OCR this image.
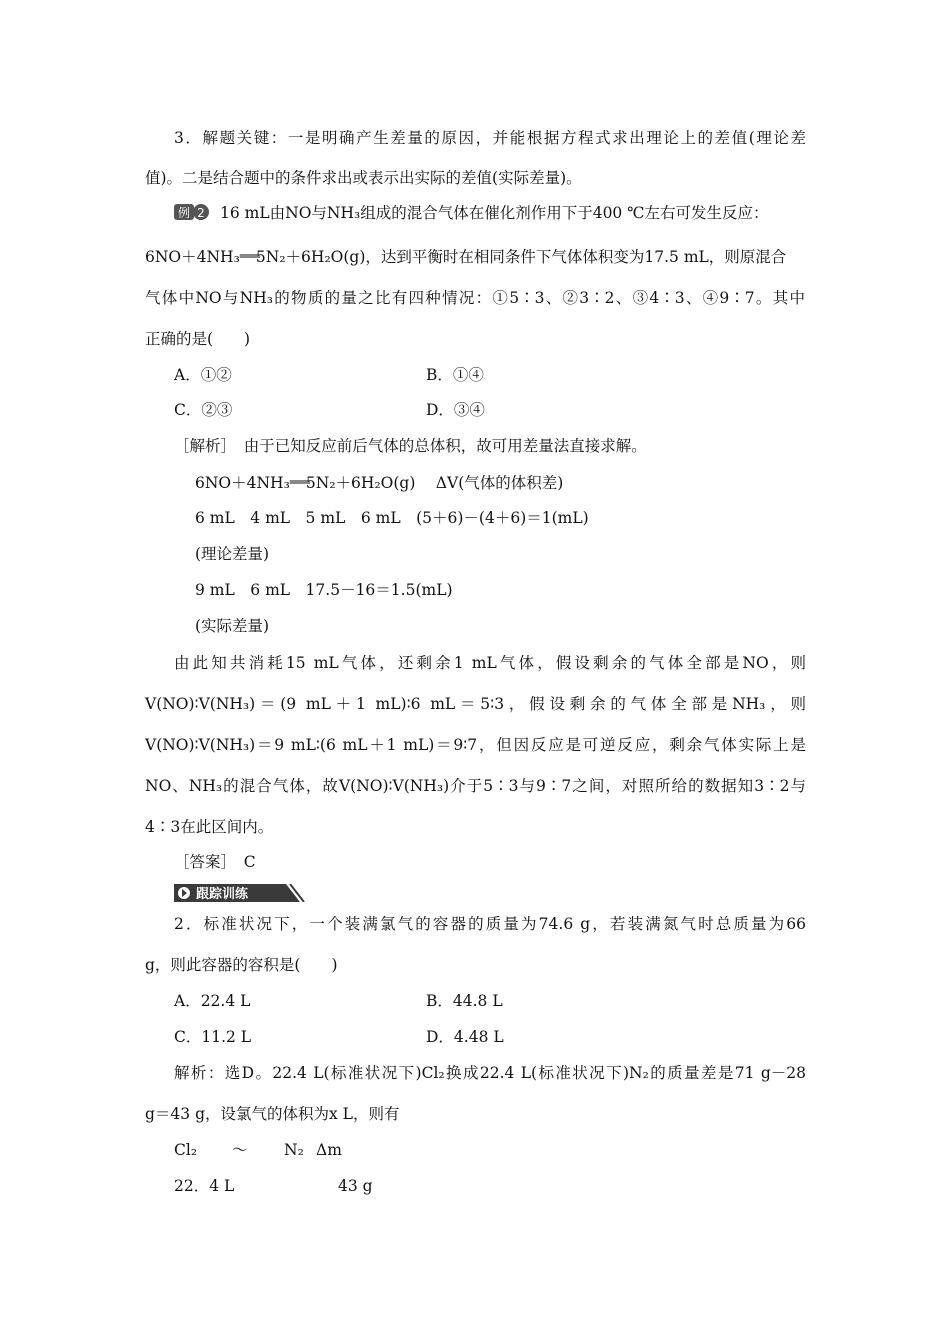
3．解题关键：一是明确产生差量的原因，并能根据方程式求出理论上的差值(理论差
值)。二是结合题中的条件求出或表示出实际的差值(实际差量)。
例 2 16 mL由NO与NH₃组成的混合气体在催化剂作用下于400 ℃左右可发生反应：
6NO＋4NH₃═════5N₂＋6H₂O(g)，达到平衡时在相同条件下气体体积变为17.5 mL，则原混合
气体中NO与NH₃的物质的量之比有四种情况：①5∶3、②3∶2、③4∶3、④9∶7。其中
正确的是(　　)
A．①②	B．①④
C．②③	D．③④
［解析］　由于已知反应前后气体的总体积，故可用差量法直接求解。
6NO＋4NH₃═════5N₂＋6H₂O(g)　 ΔV(气体的体积差)
6 mL　4 mL　5 mL　6 mL　(5＋6)－(4＋6)＝1(mL)
(理论差量)
9 mL　6 mL　17.5－16＝1.5(mL)
(实际差量)
由此知共消耗15 mL气体，还剩余1 mL气体，假设剩余的气体全部是NO，则
V(NO)∶V(NH₃)＝(9 mL＋1 mL)∶6 mL＝5∶3，假设剩余的气体全部是NH₃，则
V(NO)∶V(NH₃)＝9 mL∶(6 mL＋1 mL)＝9∶7，但因反应是可逆反应，剩余气体实际上是
NO、NH₃的混合气体，故V(NO)∶V(NH₃)介于5∶3与9∶7之间，对照所给的数据知3∶2与
4∶3在此区间内。
［答案］　C
跟踪训练
2．标准状况下，一个装满氯气的容器的质量为74.6 g，若装满氮气时总质量为66
g，则此容器的容积是(　　)
A．22.4 L	B．44.8 L
C．11.2 L	D．4.48 L
解析：选D。22.4 L(标准状况下)Cl₂换成22.4 L(标准状况下)N₂的质量差是71 g－28
g＝43 g，设氯气的体积为x L，则有
Cl₂ ～ N₂ Δm
22．4 L	43 g
